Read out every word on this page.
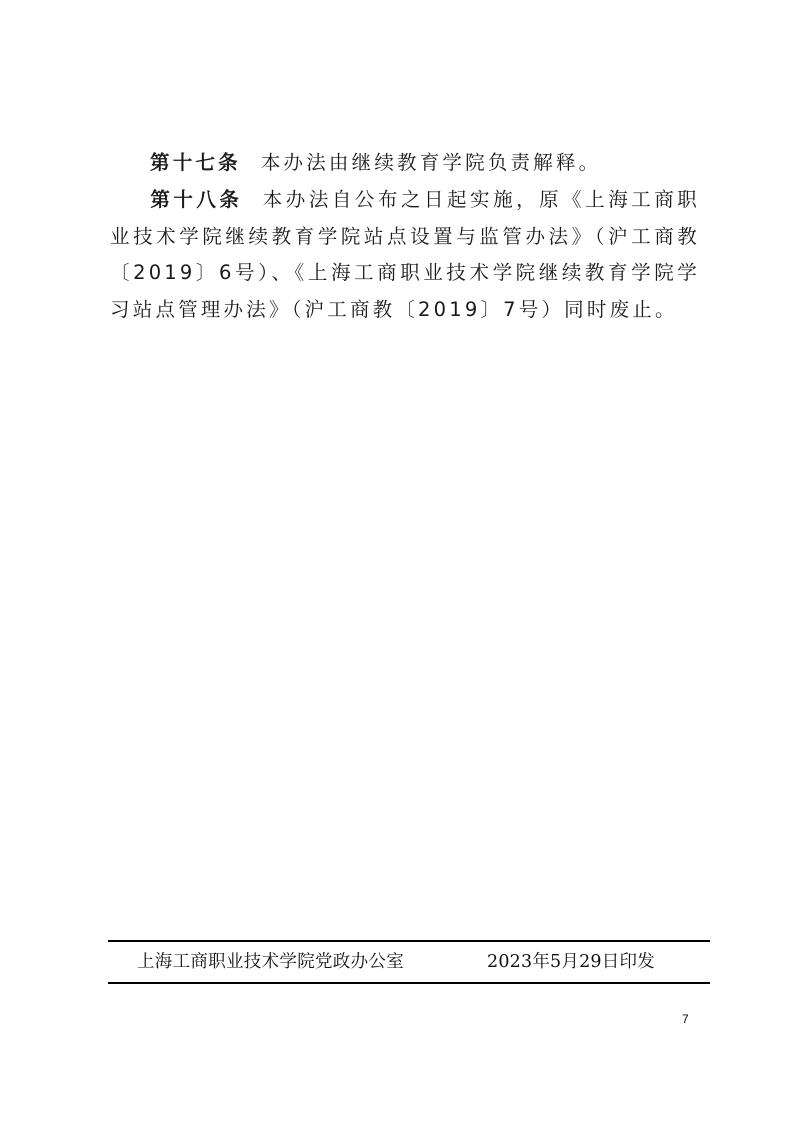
第十七条 本办法由继续教育学院负责解释。
第十八条 本办法自公布之日起实施，原《上海工商职业技术学院继续教育学院站点设置与监管办法》（沪工商教〔2019〕6号）、《上海工商职业技术学院继续教育学院学习站点管理办法》（沪工商教〔2019〕7号）同时废止。
上海工商职业技术学院党政办公室	2023年5月29日印发
7
